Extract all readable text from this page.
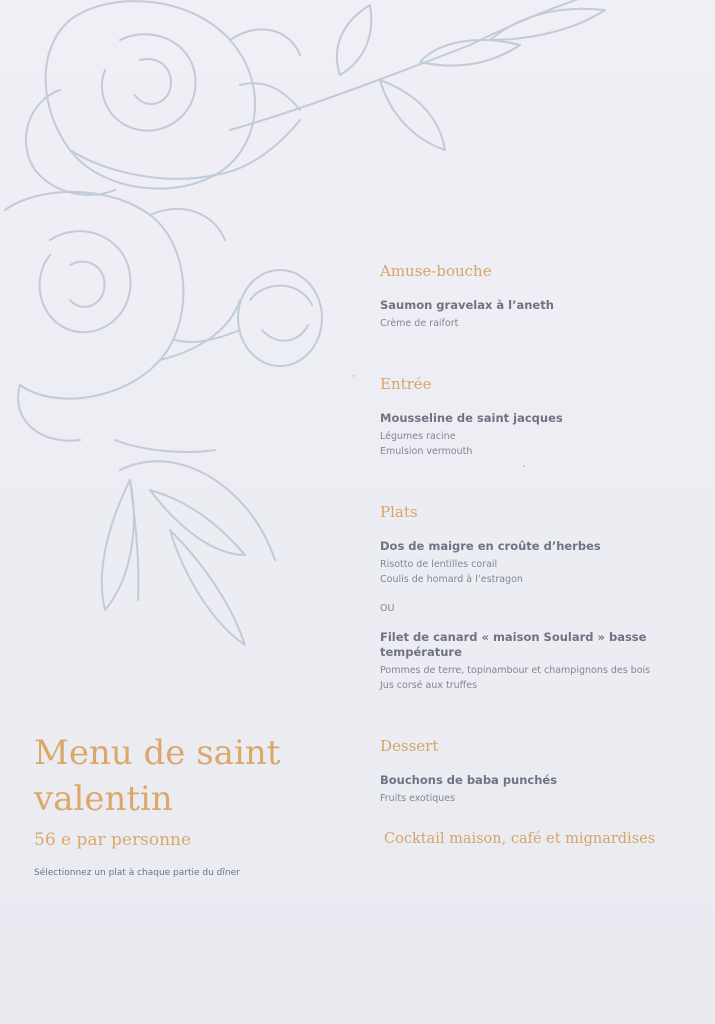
Amuse-bouche

Saumon gravelax à l’aneth

Crème de raifort

Entrée

Mousseline de saint jacques

Légumes racine

Emulsion vermouth

Plats

Dos de maigre en croûte d’herbes

Risotto de lentilles corail

Coulis de homard à l’estragon

OU

Filet de canard « maison Soulard » basse température

Pommes de terre, topinambour et champignons des bois

Jus corsé aux truffes

Dessert

Bouchons de baba punchés

Fruits exotiques

Cocktail maison, café et mignardises

Menu de saint valentin

56 e par personne

Sélectionnez un plat à chaque partie du dîner

·
ˎ
